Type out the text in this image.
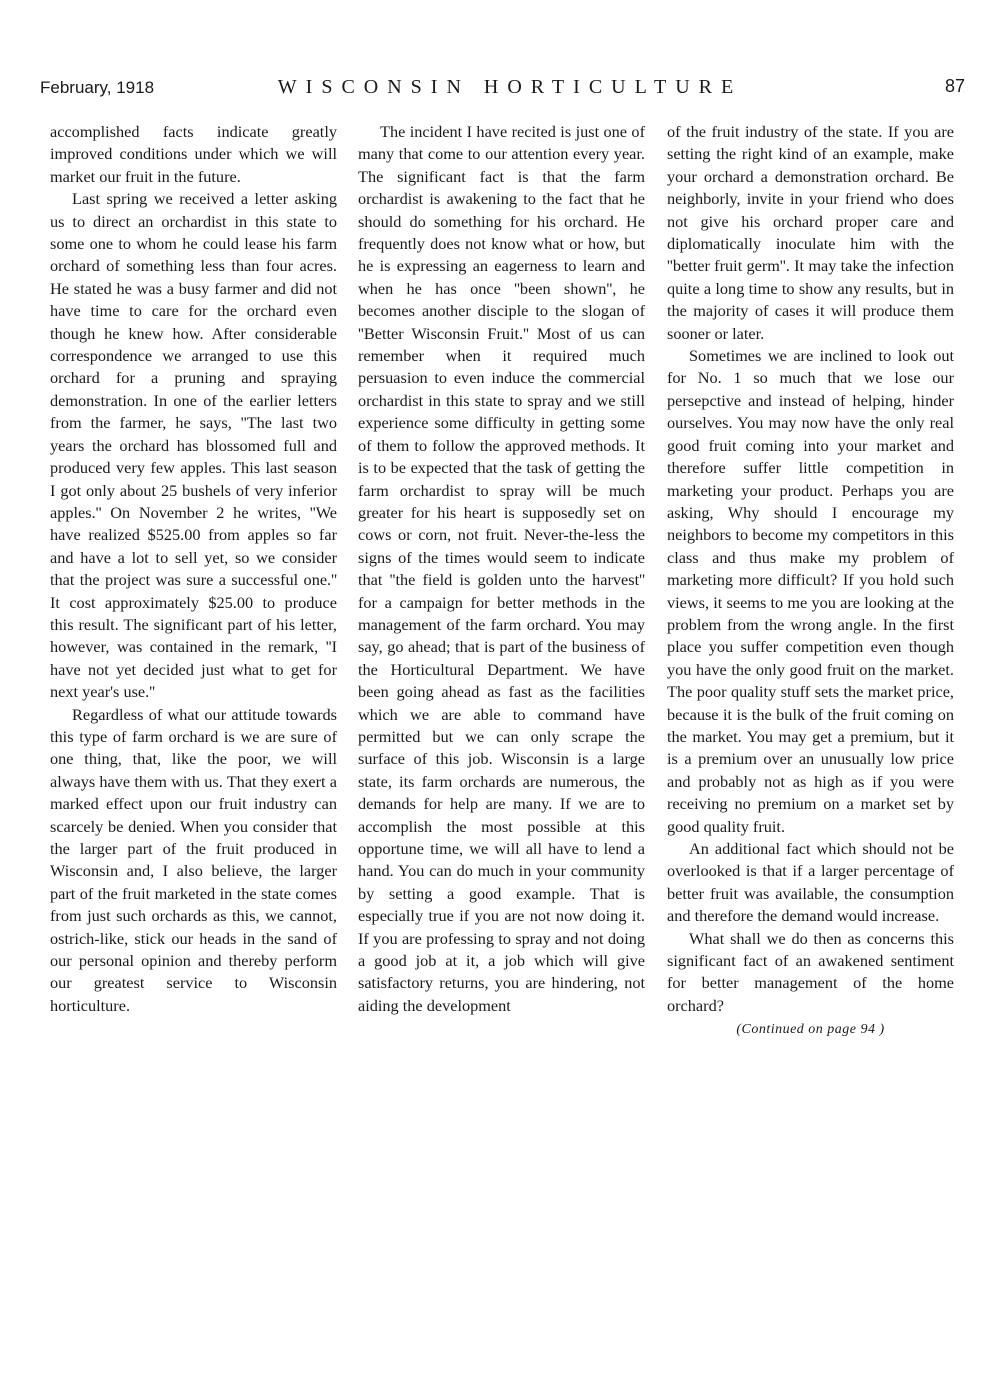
February, 1918	WISCONSIN HORTICULTURE	87

accomplished facts indicate greatly improved conditions under which we will market our fruit in the future.

Last spring we received a letter asking us to direct an orchardist in this state to some one to whom he could lease his farm orchard of something less than four acres. He stated he was a busy farmer and did not have time to care for the orchard even though he knew how. After considerable correspondence we arranged to use this orchard for a pruning and spraying demonstration. In one of the earlier letters from the farmer, he says, ''The last two years the orchard has blossomed full and produced very few apples. This last season I got only about 25 bushels of very inferior apples.'' On November 2 he writes, ''We have realized $525.00 from apples so far and have a lot to sell yet, so we consider that the project was sure a successful one.'' It cost approximately $25.00 to produce this result. The significant part of his letter, however, was contained in the remark, ''I have not yet decided just what to get for next year's use.''

Regardless of what our attitude towards this type of farm orchard is we are sure of one thing, that, like the poor, we will always have them with us. That they exert a marked effect upon our fruit industry can scarcely be denied. When you consider that the larger part of the fruit produced in Wisconsin and, I also believe, the larger part of the fruit marketed in the state comes from just such orchards as this, we cannot, ostrich-like, stick our heads in the sand of our personal opinion and thereby perform our greatest service to Wisconsin horticulture.

The incident I have recited is just one of many that come to our attention every year. The significant fact is that the farm orchardist is awakening to the fact that he should do something for his orchard. He frequently does not know what or how, but he is expressing an eagerness to learn and when he has once ''been shown'', he becomes another disciple to the slogan of ''Better Wisconsin Fruit.'' Most of us can remember when it required much persuasion to even induce the commercial orchardist in this state to spray and we still experience some difficulty in getting some of them to follow the approved methods. It is to be expected that the task of getting the farm orchardist to spray will be much greater for his heart is supposedly set on cows or corn, not fruit. Never-the-less the signs of the times would seem to indicate that ''the field is golden unto the harvest'' for a campaign for better methods in the management of the farm orchard. You may say, go ahead; that is part of the business of the Horticultural Department. We have been going ahead as fast as the facilities which we are able to command have permitted but we can only scrape the surface of this job. Wisconsin is a large state, its farm orchards are numerous, the demands for help are many. If we are to accomplish the most possible at this opportune time, we will all have to lend a hand. You can do much in your community by setting a good example. That is especially true if you are not now doing it. If you are professing to spray and not doing a good job at it, a job which will give satisfactory returns, you are hindering, not aiding the development

of the fruit industry of the state. If you are setting the right kind of an example, make your orchard a demonstration orchard. Be neighborly, invite in your friend who does not give his orchard proper care and diplomatically inoculate him with the ''better fruit germ''. It may take the infection quite a long time to show any results, but in the majority of cases it will produce them sooner or later.

Sometimes we are inclined to look out for No. 1 so much that we lose our persepctive and instead of helping, hinder ourselves. You may now have the only real good fruit coming into your market and therefore suffer little competition in marketing your product. Perhaps you are asking, Why should I encourage my neighbors to become my competitors in this class and thus make my problem of marketing more difficult? If you hold such views, it seems to me you are looking at the problem from the wrong angle. In the first place you suffer competition even though you have the only good fruit on the market. The poor quality stuff sets the market price, because it is the bulk of the fruit coming on the market. You may get a premium, but it is a premium over an unusually low price and probably not as high as if you were receiving no premium on a market set by good quality fruit.

An additional fact which should not be overlooked is that if a larger percentage of better fruit was available, the consumption and therefore the demand would increase.

What shall we do then as concerns this significant fact of an awakened sentiment for better management of the home orchard?

(Continued on page 94 )
